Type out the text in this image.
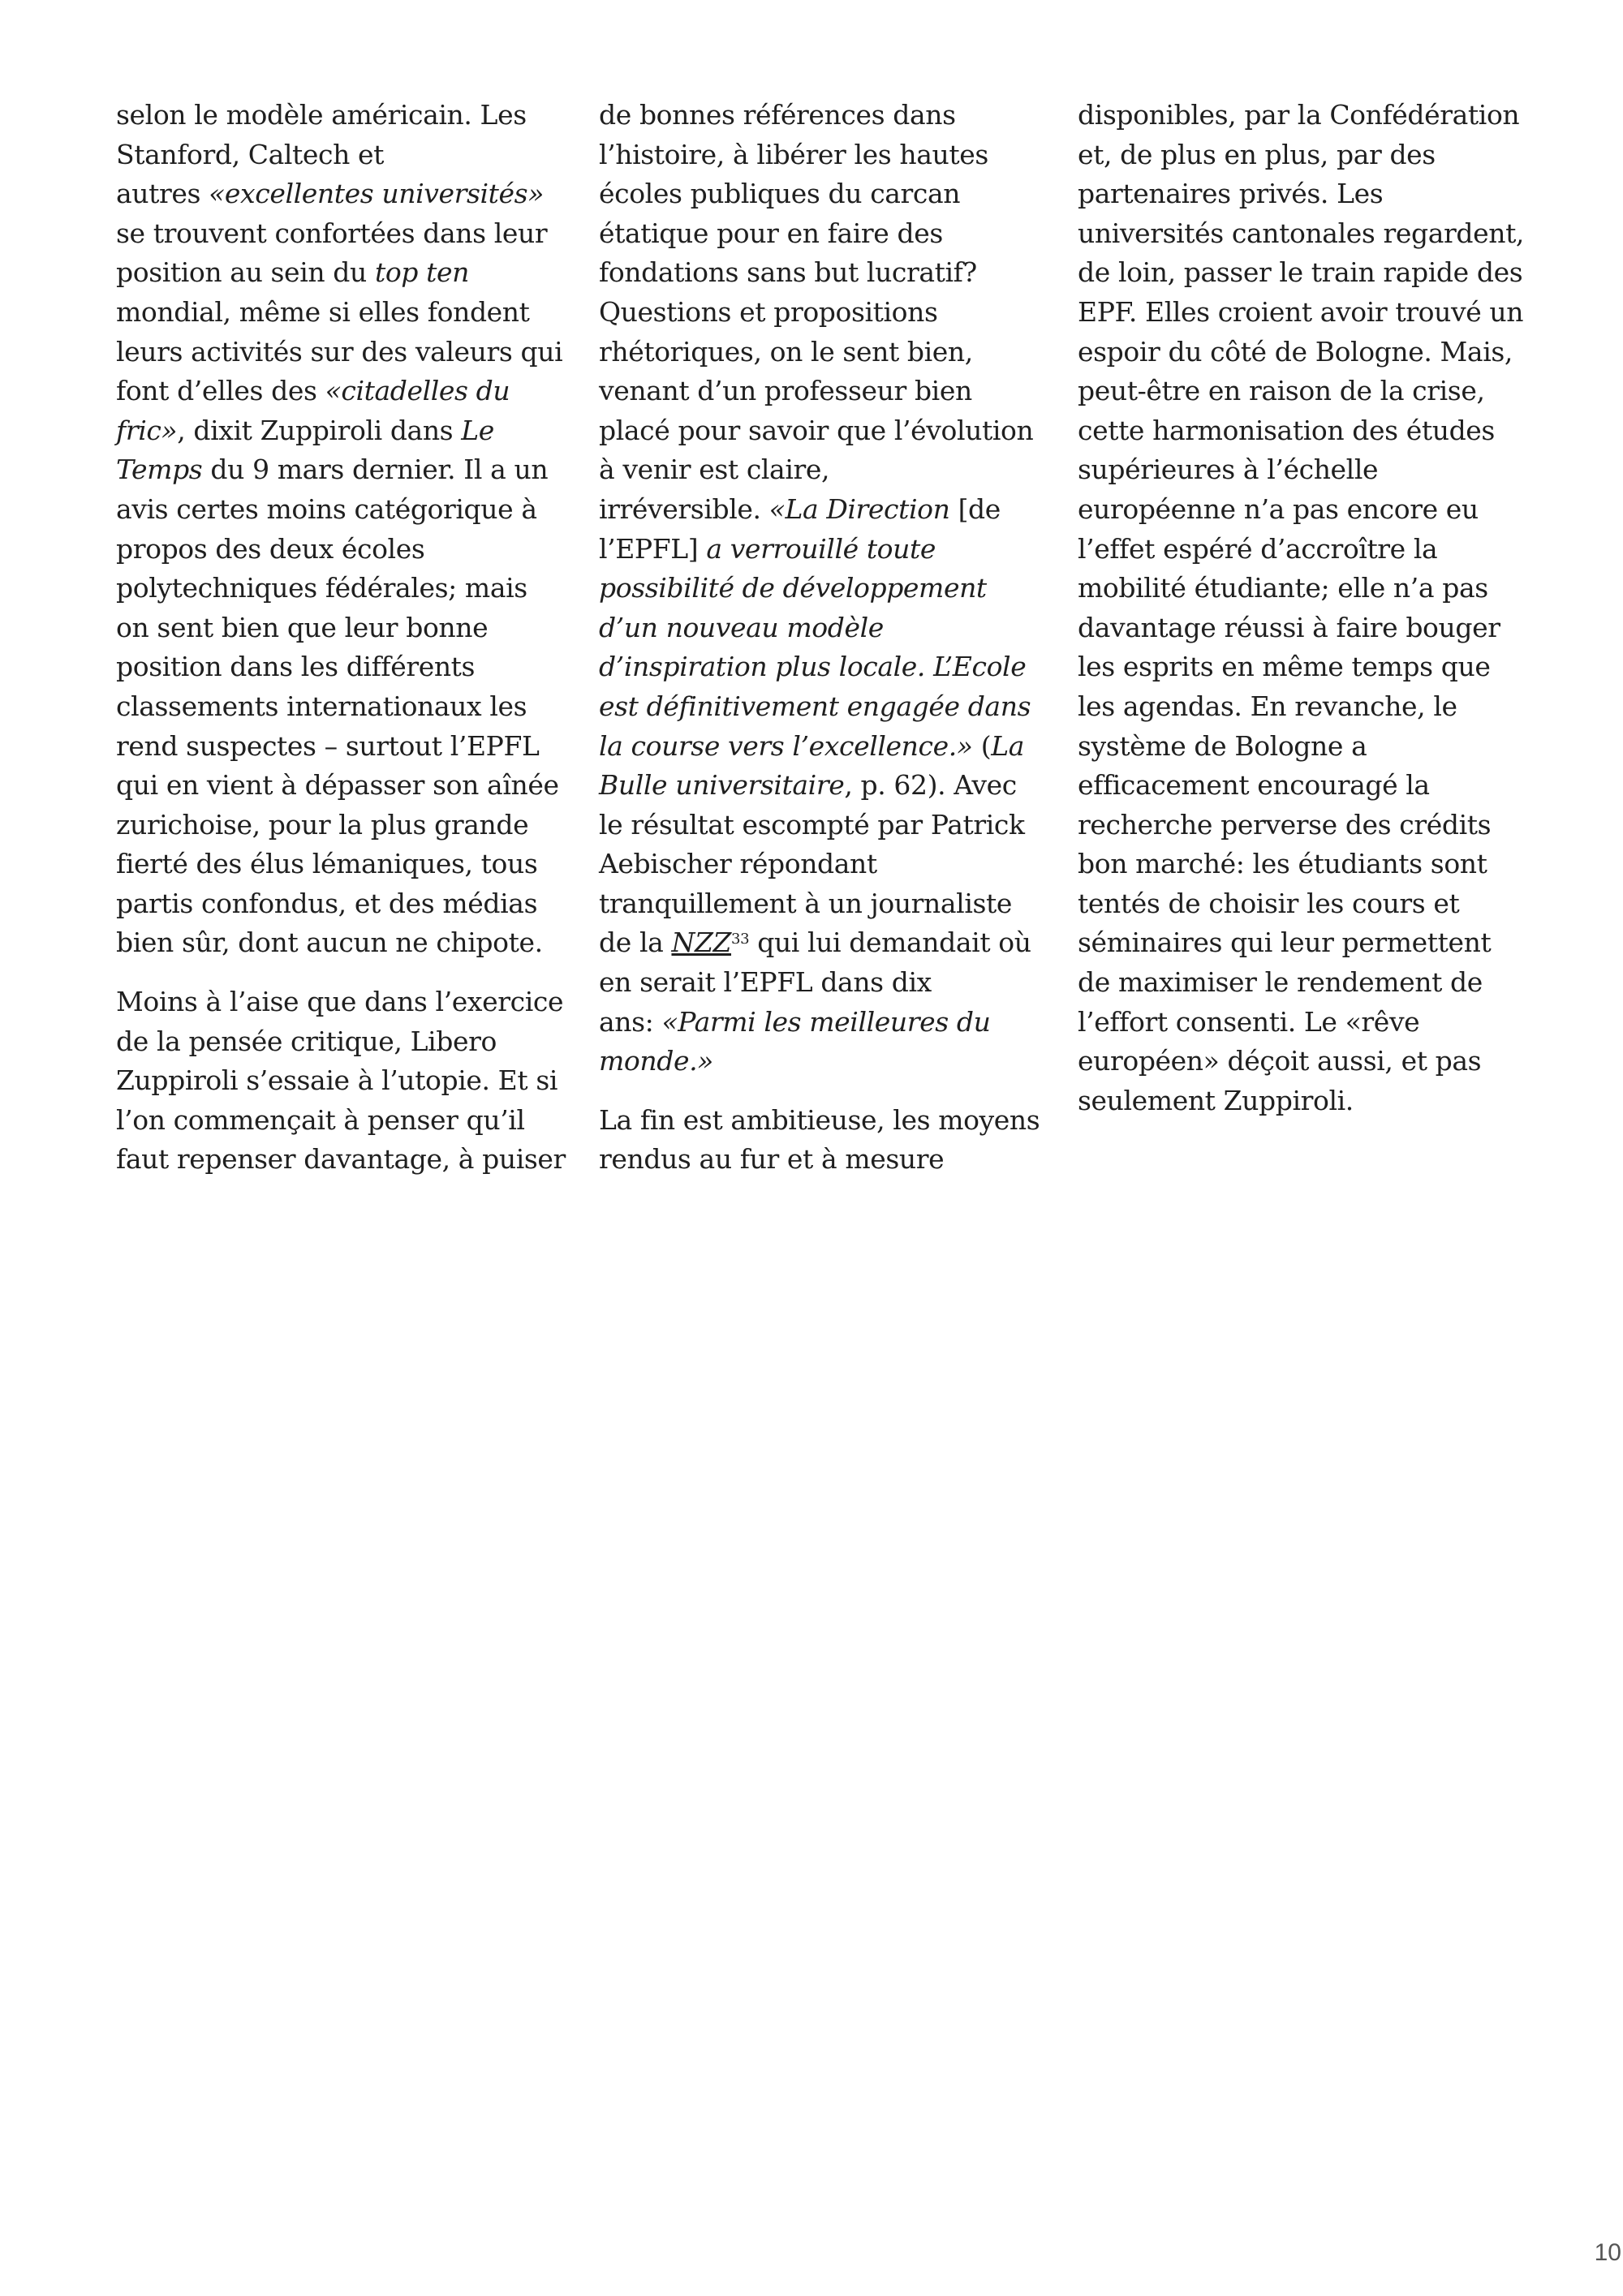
selon le modèle américain. Les
Stanford, Caltech et
autres «excellentes universités»
se trouvent confortées dans leur
position au sein du top ten
mondial, même si elles fondent
leurs activités sur des valeurs qui
font d’elles des «citadelles du
fric», dixit Zuppiroli dans Le
Temps du 9 mars dernier. Il a un
avis certes moins catégorique à
propos des deux écoles
polytechniques fédérales; mais
on sent bien que leur bonne
position dans les différents
classements internationaux les
rend suspectes – surtout l’EPFL
qui en vient à dépasser son aînée
zurichoise, pour la plus grande
fierté des élus lémaniques, tous
partis confondus, et des médias
bien sûr, dont aucun ne chipote.
Moins à l’aise que dans l’exercice
de la pensée critique, Libero
Zuppiroli s’essaie à l’utopie. Et si
l’on commençait à penser qu’il
faut repenser davantage, à puiser
de bonnes références dans
l’histoire, à libérer les hautes
écoles publiques du carcan
étatique pour en faire des
fondations sans but lucratif?
Questions et propositions
rhétoriques, on le sent bien,
venant d’un professeur bien
placé pour savoir que l’évolution
à venir est claire,
irréversible. «La Direction [de
l’EPFL] a verrouillé toute
possibilité de développement
d’un nouveau modèle
d’inspiration plus locale. L’Ecole
est définitivement engagée dans
la course vers l’excellence.» (La
Bulle universitaire, p. 62). Avec
le résultat escompté par Patrick
Aebischer répondant
tranquillement à un journaliste
de la NZZ$^{33}$ qui lui demandait où
en serait l’EPFL dans dix
ans: «Parmi les meilleures du
monde.»
La fin est ambitieuse, les moyens
rendus au fur et à mesure
disponibles, par la Confédération
et, de plus en plus, par des
partenaires privés. Les
universités cantonales regardent,
de loin, passer le train rapide des
EPF. Elles croient avoir trouvé un
espoir du côté de Bologne. Mais,
peut-être en raison de la crise,
cette harmonisation des études
supérieures à l’échelle
européenne n’a pas encore eu
l’effet espéré d’accroître la
mobilité étudiante; elle n’a pas
davantage réussi à faire bouger
les esprits en même temps que
les agendas. En revanche, le
système de Bologne a
efficacement encouragé la
recherche perverse des crédits
bon marché: les étudiants sont
tentés de choisir les cours et
séminaires qui leur permettent
de maximiser le rendement de
l’effort consenti. Le «rêve
européen» déçoit aussi, et pas
seulement Zuppiroli.
10
